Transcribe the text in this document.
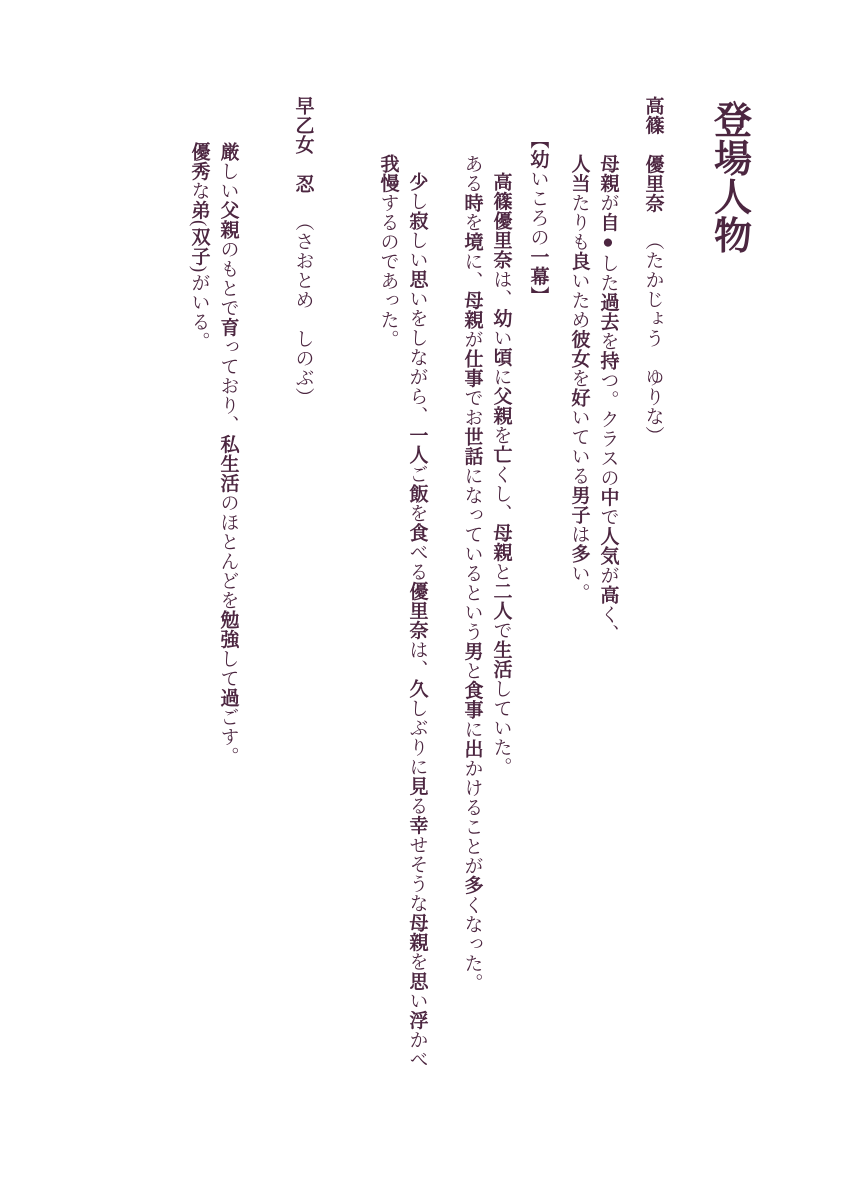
登場人物
高篠　優里奈（たかじょう　ゆりな）
母親が自●した過去を持つ。クラスの中で人気が高く、
人当たりも良いため彼女を好いている男子は多い。
【幼いころの一幕】
高篠優里奈は、幼い頃に父親を亡くし、母親と二人で生活していた。
ある時を境に、母親が仕事でお世話になっているという男と食事に出かけることが多くなった。
少し寂しい思いをしながら、一人ご飯を食べる優里奈は、久しぶりに見る幸せそうな母親を思い浮かべ
我慢するのであった。
早乙女　忍（さおとめ　しのぶ）
厳しい父親のもとで育っており、私生活のほとんどを勉強して過ごす。
優秀な弟(双子)がいる。
